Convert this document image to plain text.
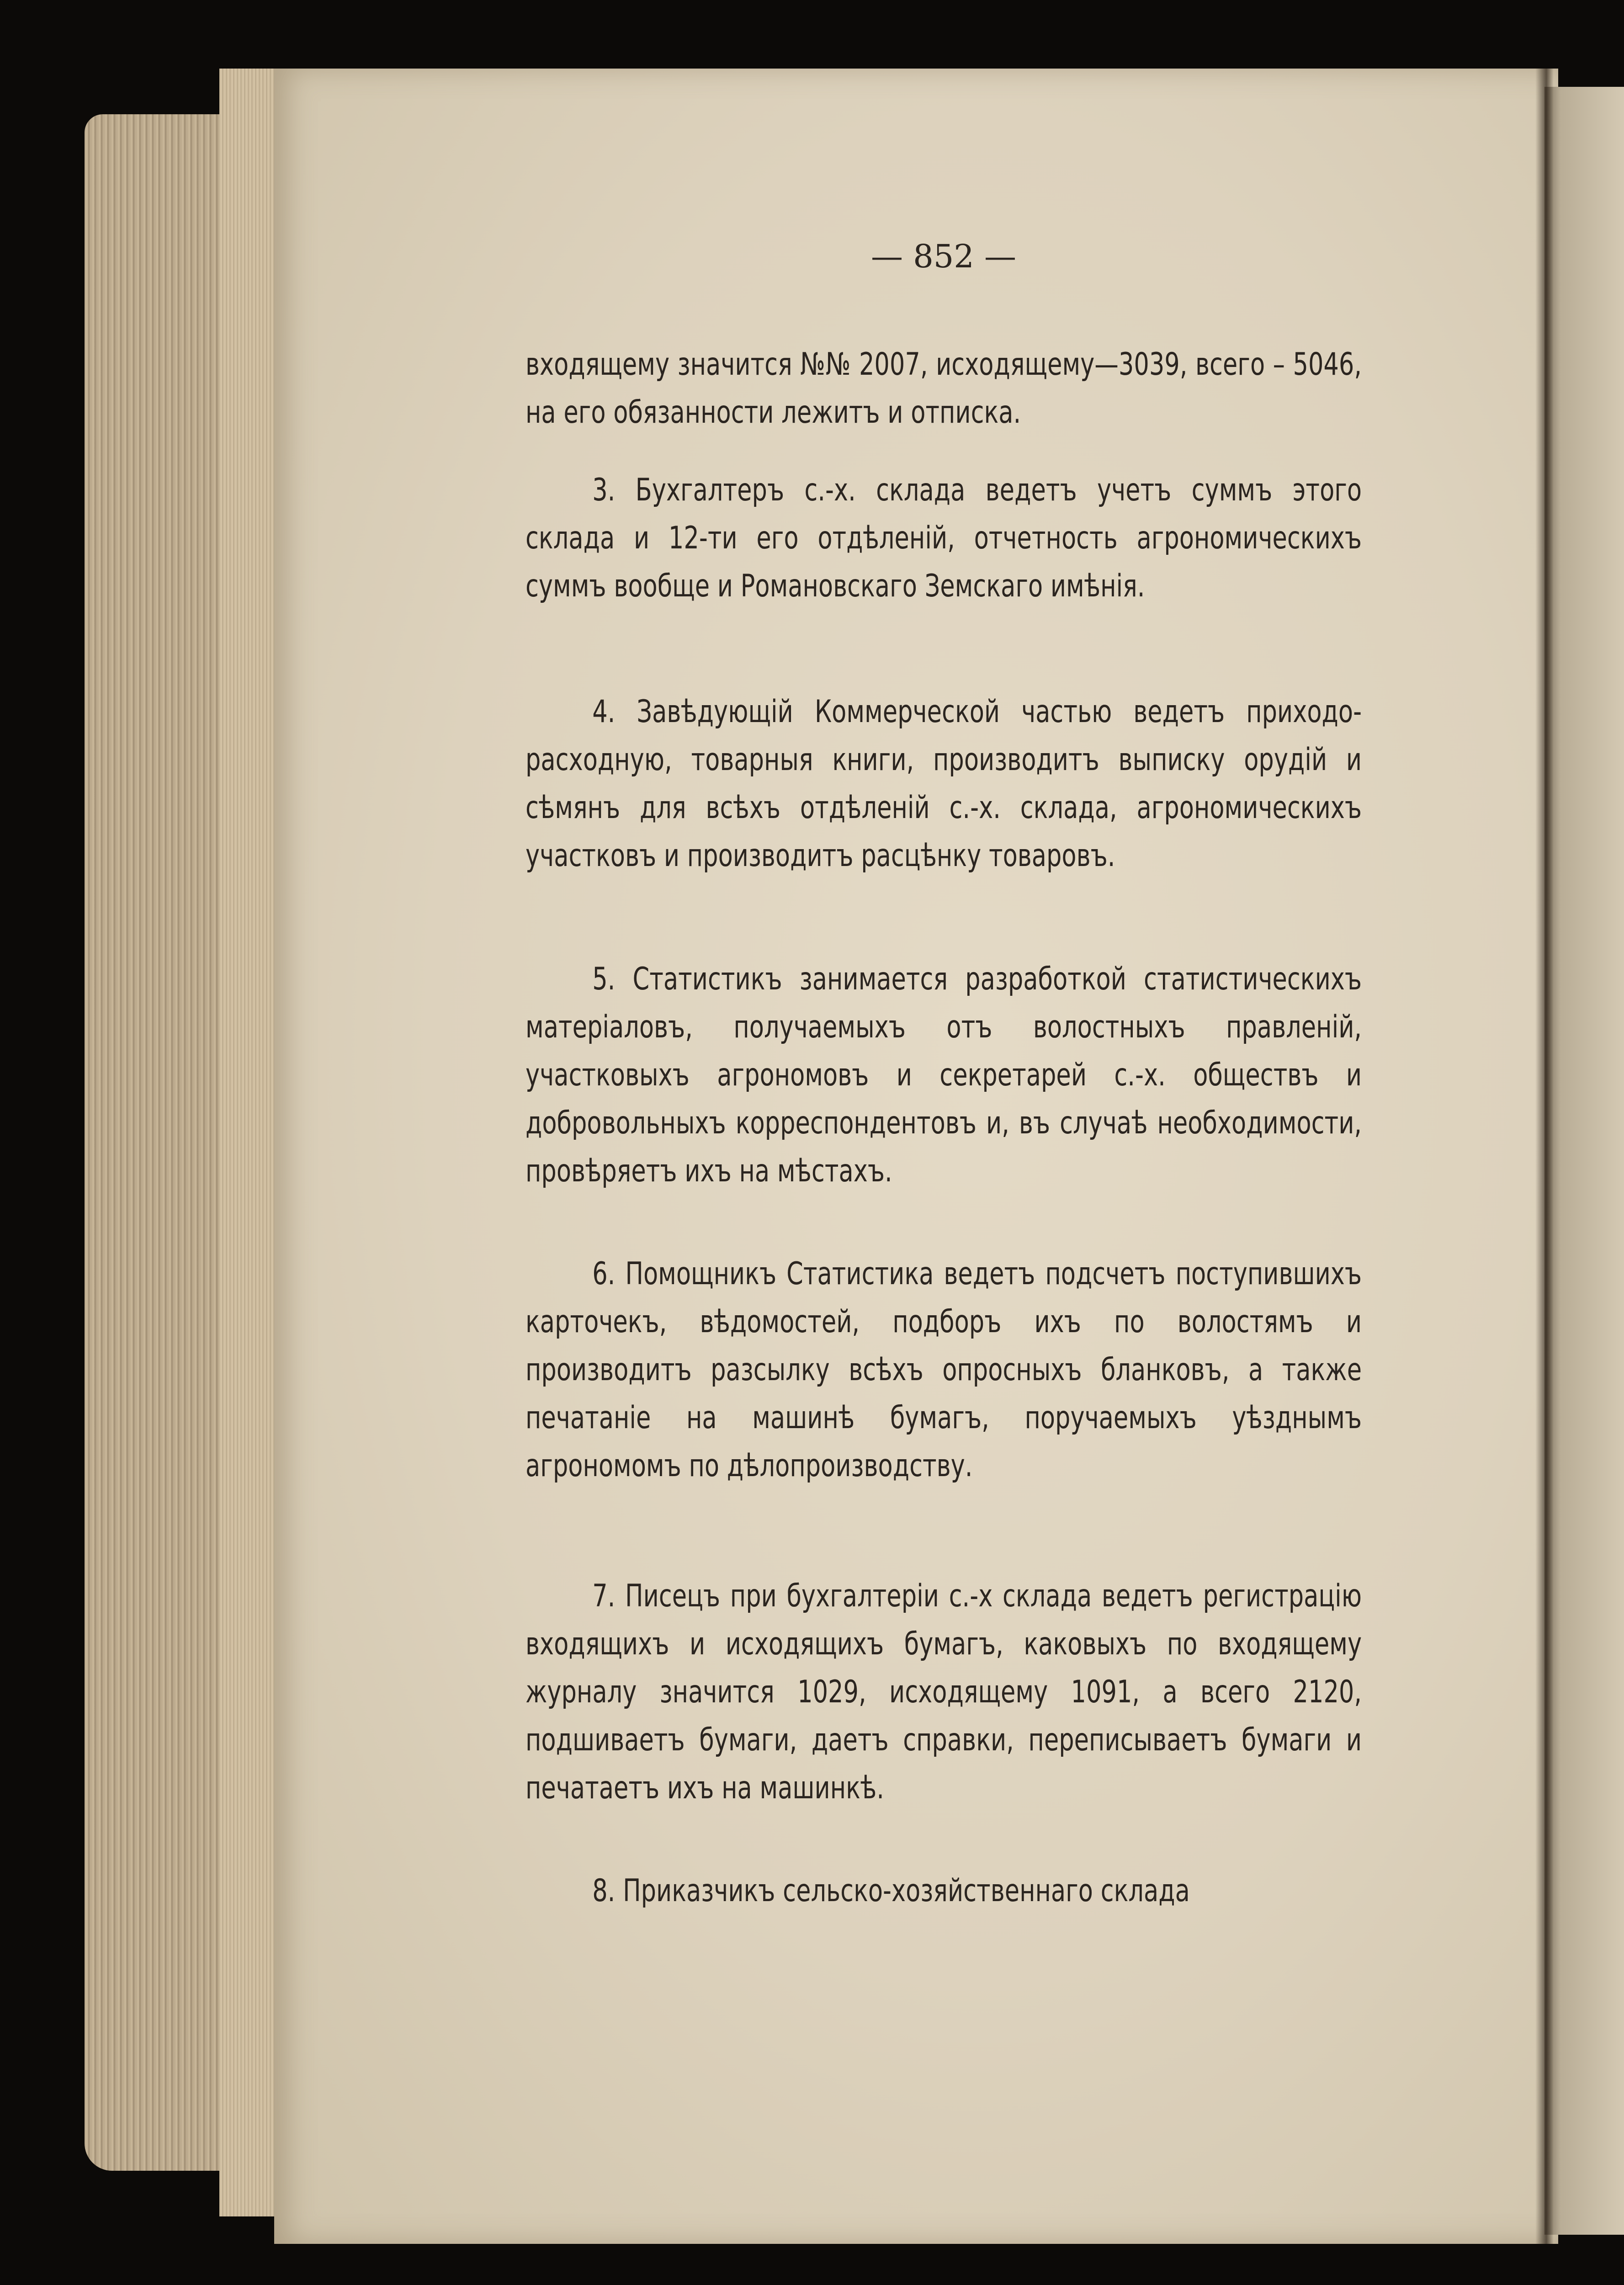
— 852 —

входящему значится №№ 2007, исходящему—3039, всего – 5046, на его обязанности лежитъ и отписка.

3. Бухгалтеръ с.-х. склада ведетъ учетъ суммъ этого склада и 12-ти его отдѣленій, отчетность агрономическихъ суммъ вообще и Романовскаго Земскаго имѣнія.

4. Завѣдующій Коммерческой частью ведетъ приходо-расходную, товарныя книги, производитъ выписку орудій и сѣмянъ для всѣхъ отдѣленій с.-х. склада, агрономическихъ участковъ и производитъ расцѣнку товаровъ.

5. Статистикъ занимается разработкой статистическихъ матеріаловъ, получаемыхъ отъ волостныхъ правленій, участковыхъ агрономовъ и секретарей с.-х. обществъ и добровольныхъ корреспондентовъ и, въ случаѣ необходимости, провѣряетъ ихъ на мѣстахъ.

6. Помощникъ Статистика ведетъ подсчетъ поступившихъ карточекъ, вѣдомостей, подборъ ихъ по волостямъ и производитъ разсылку всѣхъ опросныхъ бланковъ, а также печатаніе на машинѣ бумагъ, поручаемыхъ уѣзднымъ агрономомъ по дѣлопроизводству.

7. Писецъ при бухгалтеріи с.-х склада ведетъ регистрацію входящихъ и исходящихъ бумагъ, каковыхъ по входящему журналу значится 1029, исходящему 1091, а всего 2120, подшиваетъ бумаги, даетъ справки, переписываетъ бумаги и печатаетъ ихъ на машинкѣ.

8. Приказчикъ сельско-хозяйственнаго склада
